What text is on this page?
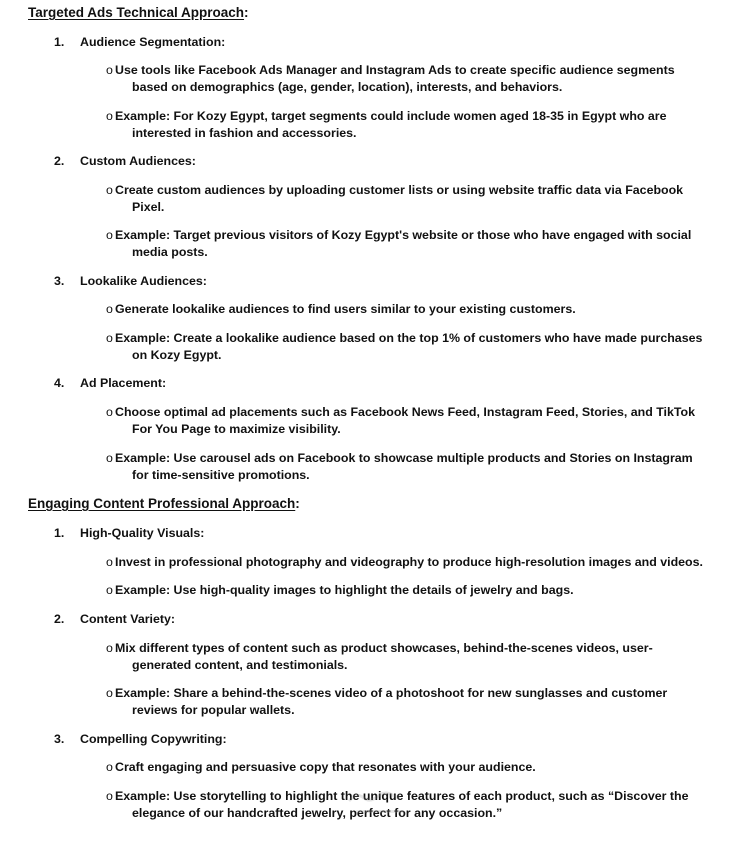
Targeted Ads Technical Approach:
1. Audience Segmentation:
o Use tools like Facebook Ads Manager and Instagram Ads to create specific audience segments based on demographics (age, gender, location), interests, and behaviors.
o Example: For Kozy Egypt, target segments could include women aged 18-35 in Egypt who are interested in fashion and accessories.
2. Custom Audiences:
o Create custom audiences by uploading customer lists or using website traffic data via Facebook Pixel.
o Example: Target previous visitors of Kozy Egypt's website or those who have engaged with social media posts.
3. Lookalike Audiences:
o Generate lookalike audiences to find users similar to your existing customers.
o Example: Create a lookalike audience based on the top 1% of customers who have made purchases on Kozy Egypt.
4. Ad Placement:
o Choose optimal ad placements such as Facebook News Feed, Instagram Feed, Stories, and TikTok For You Page to maximize visibility.
o Example: Use carousel ads on Facebook to showcase multiple products and Stories on Instagram for time-sensitive promotions.
Engaging Content Professional Approach:
1. High-Quality Visuals:
o Invest in professional photography and videography to produce high-resolution images and videos.
o Example: Use high-quality images to highlight the details of jewelry and bags.
2. Content Variety:
o Mix different types of content such as product showcases, behind-the-scenes videos, user-generated content, and testimonials.
o Example: Share a behind-the-scenes video of a photoshoot for new sunglasses and customer reviews for popular wallets.
3. Compelling Copywriting:
o Craft engaging and persuasive copy that resonates with your audience.
o Example: Use storytelling to highlight the unique features of each product, such as “Discover the elegance of our handcrafted jewelry, perfect for any occasion.”
